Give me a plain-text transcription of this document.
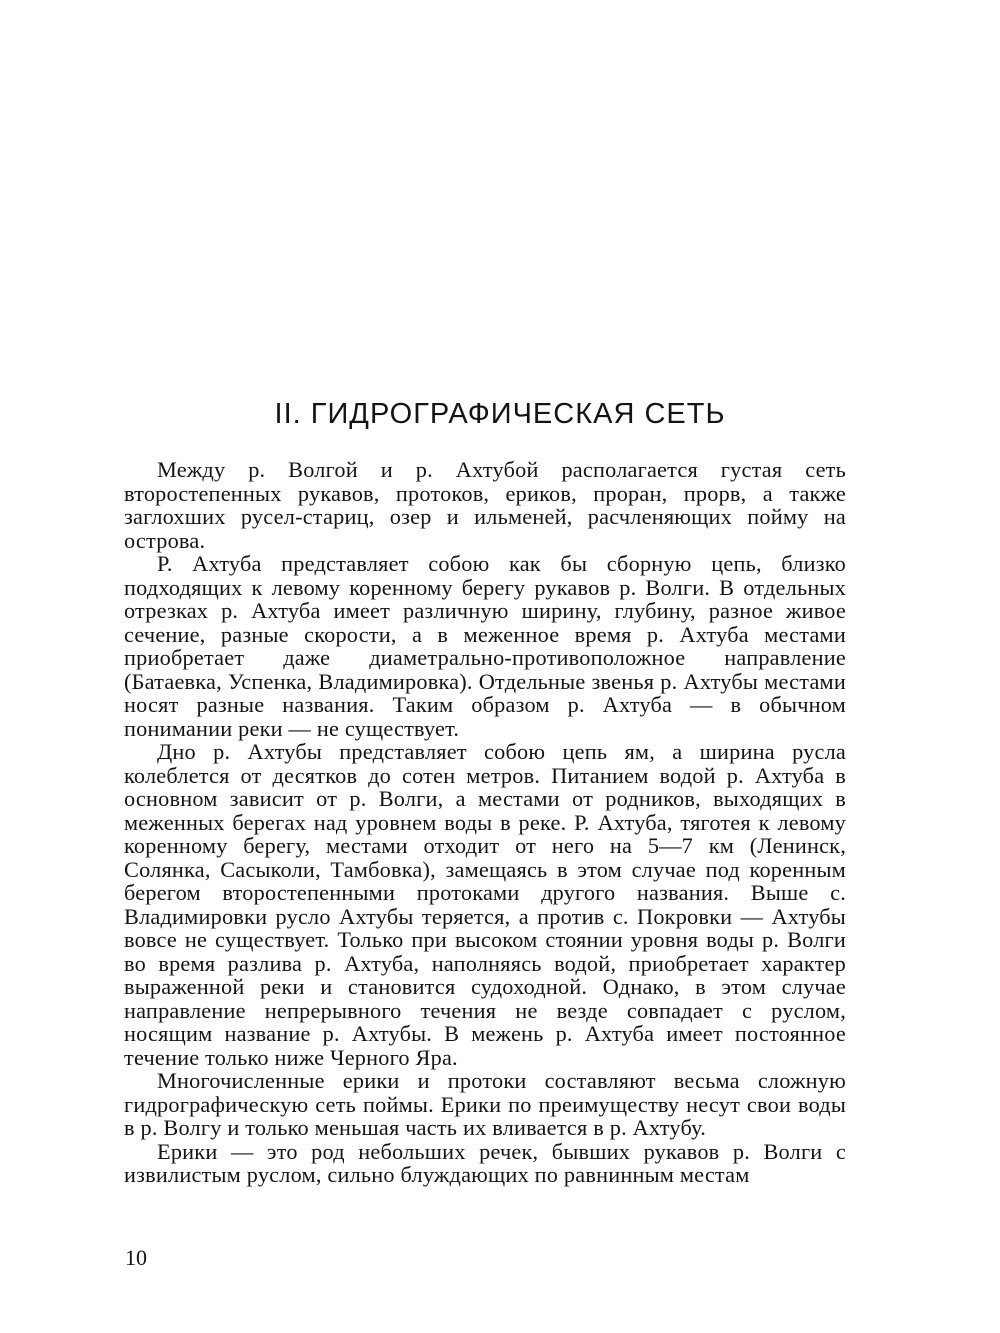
II. ГИДРОГРАФИЧЕСКАЯ СЕТЬ

Между р. Волгой и р. Ахтубой располагается густая сеть второстепенных рукавов, протоков, ериков, проран, прорв, а также заглохших русел-стариц, озер и ильменей, расчленяющих пойму на острова.

Р. Ахтуба представляет собою как бы сборную цепь, близко подходящих к левому коренному берегу рукавов р. Волги. В отдельных отрезках р. Ахтуба имеет различную ширину, глубину, разное живое сечение, разные скорости, а в меженное время р. Ахтуба местами приобретает даже диаметрально-противоположное направление (Батаевка, Успенка, Владимировка). Отдельные звенья р. Ахтубы местами носят разные названия. Таким образом р. Ахтуба — в обычном понимании реки — не существует.

Дно р. Ахтубы представляет собою цепь ям, а ширина русла колеблется от десятков до сотен метров. Питанием водой р. Ахтуба в основном зависит от р. Волги, а местами от родников, выходящих в меженных берегах над уровнем воды в реке. Р. Ахтуба, тяготея к левому коренному берегу, местами отходит от него на 5—7 км (Ленинск, Солянка, Сасыколи, Тамбовка), замещаясь в этом случае под коренным берегом второстепенными протоками другого названия. Выше с. Владимировки русло Ахтубы теряется, а против с. Покровки — Ахтубы вовсе не существует. Только при высоком стоянии уровня воды р. Волги во время разлива р. Ахтуба, наполняясь водой, приобретает характер выраженной реки и становится судоходной. Однако, в этом случае направление непрерывного течения не везде совпадает с руслом, носящим название р. Ахтубы. В межень р. Ахтуба имеет постоянное течение только ниже Черного Яра.

Многочисленные ерики и протоки составляют весьма сложную гидрографическую сеть поймы. Ерики по преимуществу несут свои воды в р. Волгу и только меньшая часть их вливается в р. Ахтубу.

Ерики — это род небольших речек, бывших рукавов р. Волги с извилистым руслом, сильно блуждающих по равнинным местам

10
